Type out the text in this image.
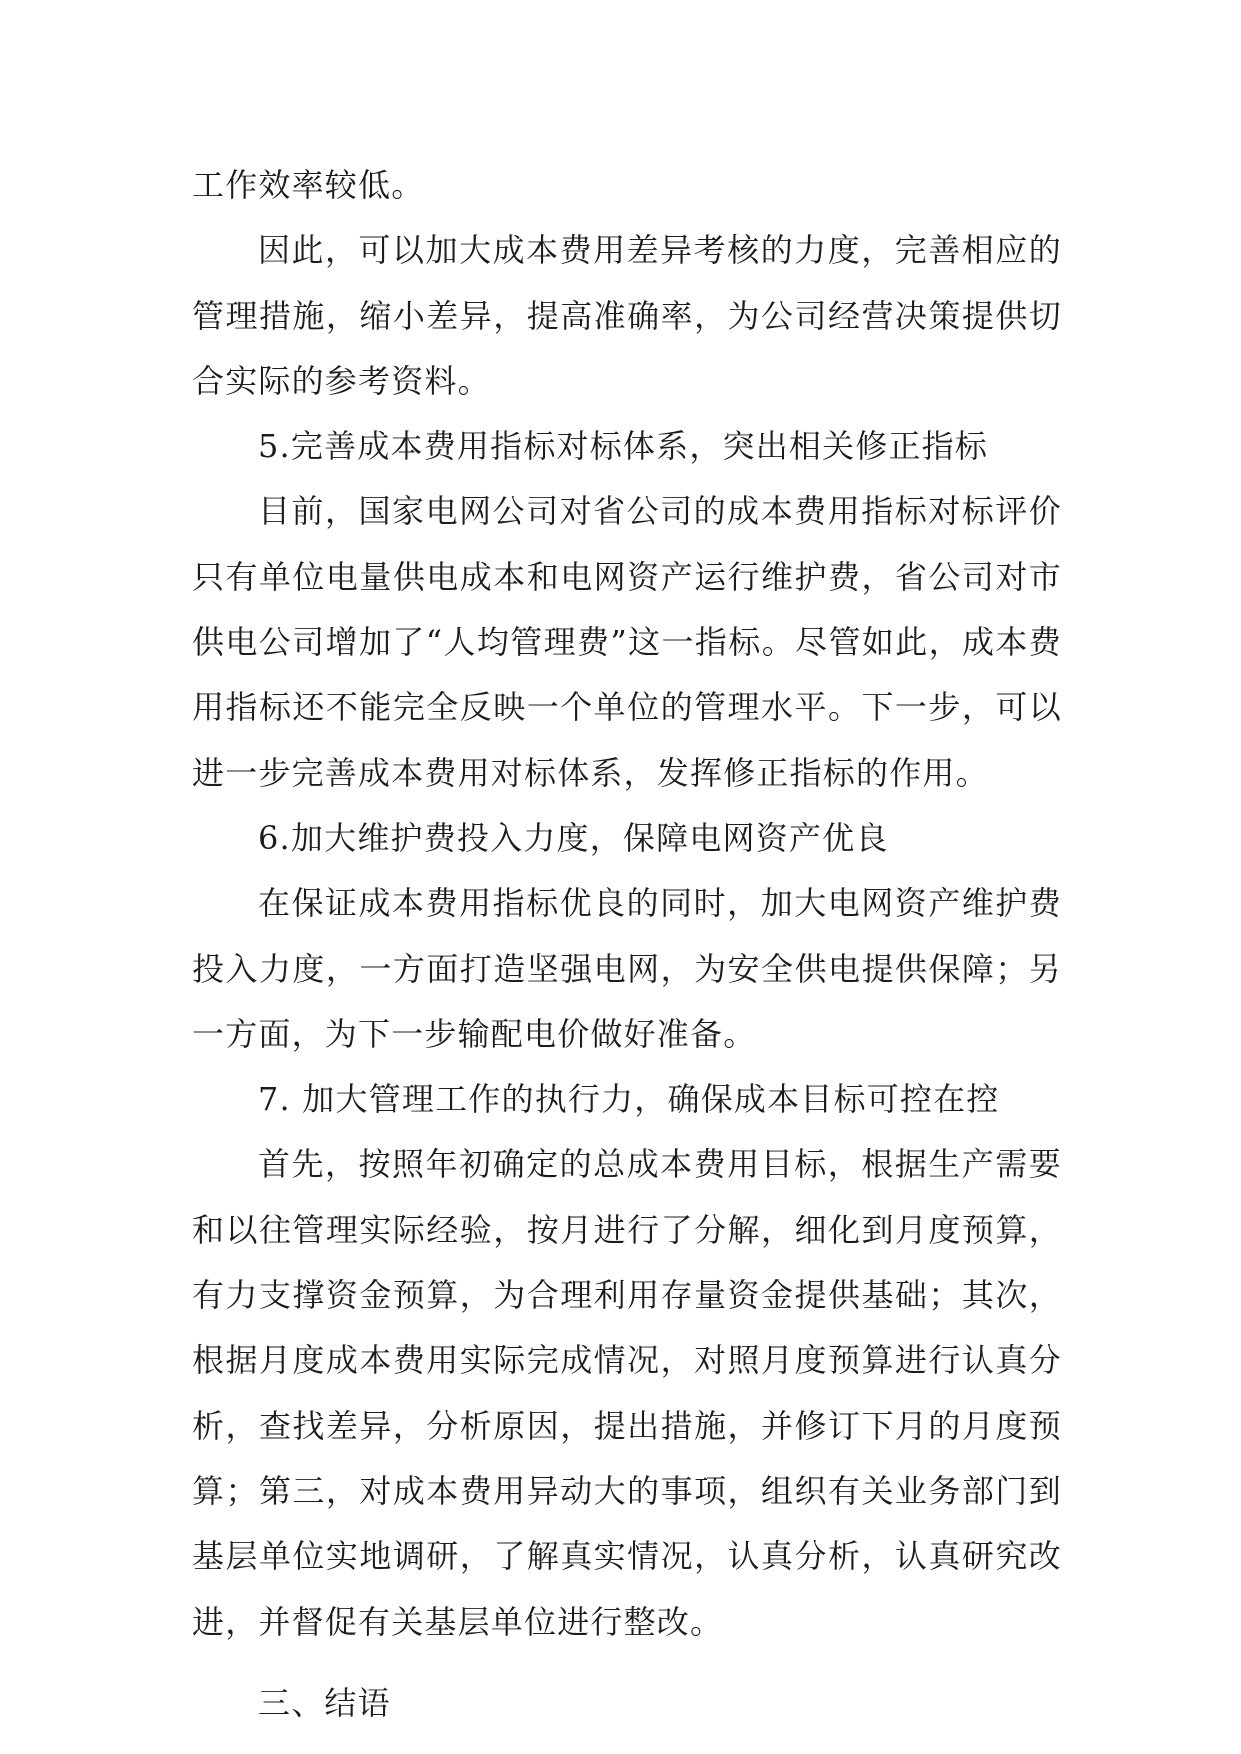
工作效率较低。

因此，可以加大成本费用差异考核的力度，完善相应的管理措施，缩小差异，提高准确率，为公司经营决策提供切合实际的参考资料。

5.完善成本费用指标对标体系，突出相关修正指标

目前，国家电网公司对省公司的成本费用指标对标评价只有单位电量供电成本和电网资产运行维护费，省公司对市供电公司增加了“人均管理费”这一指标。尽管如此，成本费用指标还不能完全反映一个单位的管理水平。下一步，可以进一步完善成本费用对标体系，发挥修正指标的作用。

6.加大维护费投入力度，保障电网资产优良

在保证成本费用指标优良的同时，加大电网资产维护费投入力度，一方面打造坚强电网，为安全供电提供保障；另一方面，为下一步输配电价做好准备。

7. 加大管理工作的执行力，确保成本目标可控在控

首先，按照年初确定的总成本费用目标，根据生产需要和以往管理实际经验，按月进行了分解，细化到月度预算，有力支撑资金预算，为合理利用存量资金提供基础；其次，根据月度成本费用实际完成情况，对照月度预算进行认真分析，查找差异，分析原因，提出措施，并修订下月的月度预算；第三，对成本费用异动大的事项，组织有关业务部门到基层单位实地调研，了解真实情况，认真分析，认真研究改进，并督促有关基层单位进行整改。

三、结语
